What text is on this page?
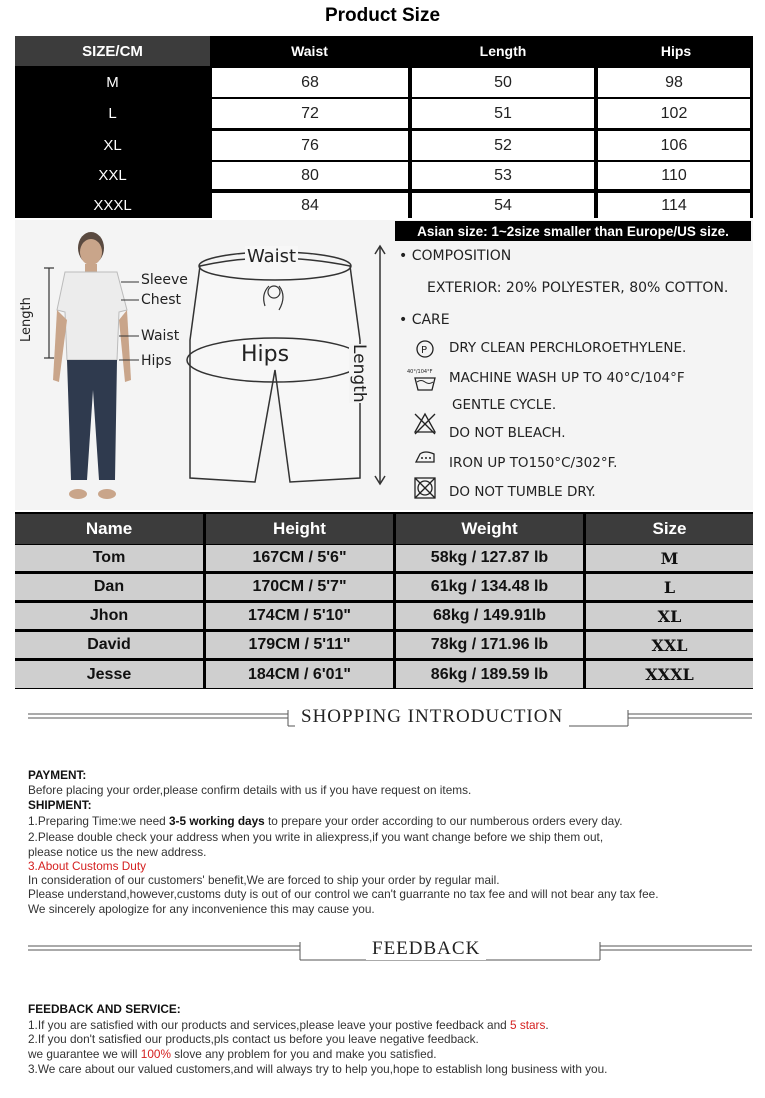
Product Size
SIZE/CM	Waist	Length	Hips
M	68	50	98
L	72	51	102
XL	76	52	106
XXL	80	53	110
XXXL	84	54	114
Length
Sleeve
Chest
Waist
Hips
Waist
Hips	Length
• COMPOSITION
EXTERIOR: 20% POLYESTER, 80% COTTON.
• CARE
P
40°/104°F
DRY CLEAN PERCHLOROETHYLENE.
MACHINE WASH UP TO 40°C/104°F
GENTLE CYCLE.
DO NOT BLEACH.
IRON UP TO150°C/302°F.
DO NOT TUMBLE DRY.
Asian size: 1~2size smaller than Europe/US size.
Name	Height	Weight	Size
Tom	167CM / 5'6"	58kg / 127.87 lb	M
Dan	170CM / 5'7"	61kg / 134.48 lb	L
Jhon	174CM / 5'10"	68kg / 149.91lb	XL
David	179CM / 5'11"	78kg / 171.96 lb	XXL
Jesse	184CM / 6'01"	86kg / 189.59 lb	XXXL
SHOPPING INTRODUCTION
PAYMENT:
Before placing your order,please confirm details with us if you have request on items.
SHIPMENT:
1.Preparing Time:we need 3-5 working days to prepare your order according to our numberous orders every day.
2.Please double check your address when you write in aliexpress,if you want change before we ship them out,
please notice us the new address.
3.About Customs Duty
In consideration of our customers' benefit,We are forced to ship your order by regular mail.
Please understand,however,customs duty is out of our control we can't guarrante no tax fee and will not bear any tax fee.
We sincerely apologize for any inconvenience this may cause you.
FEEDBACK
FEEDBACK AND SERVICE:
1.If you are satisfied with our products and services,please leave your postive feedback and 5 stars.
2.If you don't satisfied our products,pls contact us before you leave negative feedback.
we guarantee we will 100% slove any problem for you and make you satisfied.
3.We care about our valued customers,and will always try to help you,hope to establish long business with you.
